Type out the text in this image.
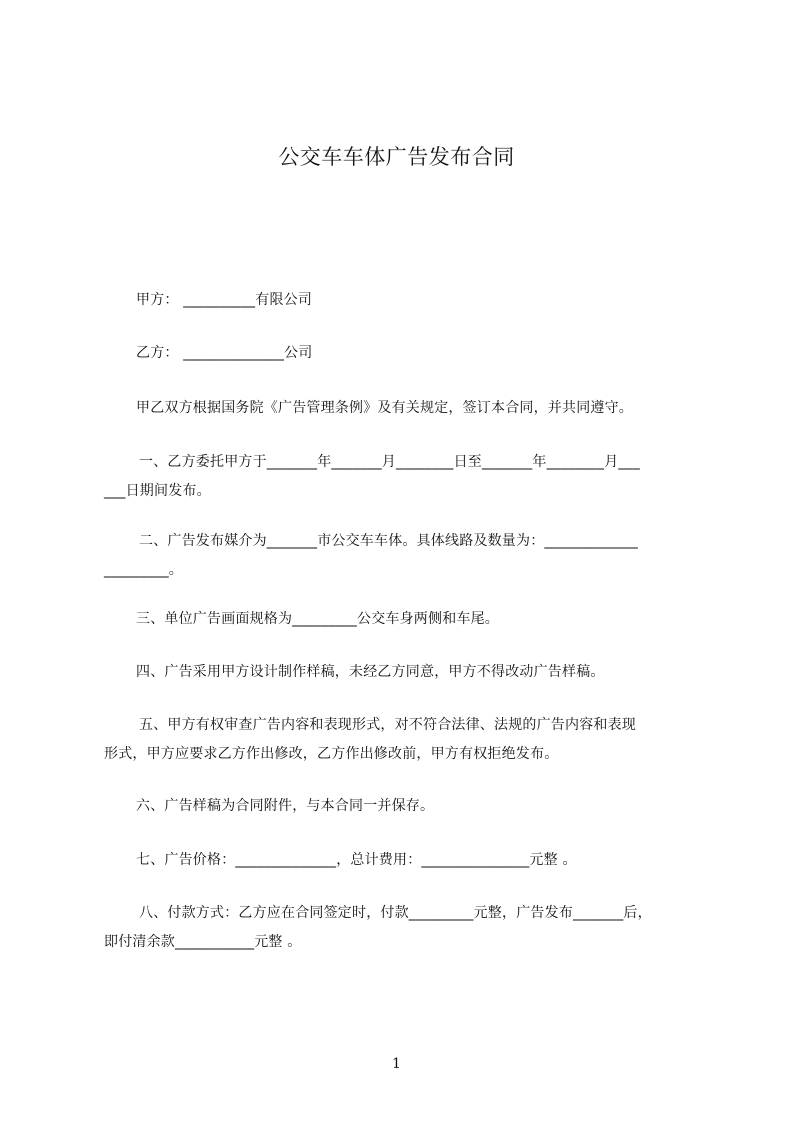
公交车车体广告发布合同
甲方： __________有限公司
乙方： ______________公司
甲乙双方根据国务院《广告管理条例》及有关规定，签订本合同，并共同遵守。
一、乙方委托甲方于_______年_______月________日至_______年________月___
___日期间发布。
二、广告发布媒介为_______市公交车车体。具体线路及数量为：_____________
_________。
三、单位广告画面规格为_________公交车身两侧和车尾。
四、广告采用甲方设计制作样稿，未经乙方同意，甲方不得改动广告样稿。
五、甲方有权审查广告内容和表现形式，对不符合法律、法规的广告内容和表现
形式，甲方应要求乙方作出修改，乙方作出修改前，甲方有权拒绝发布。
六、广告样稿为合同附件，与本合同一并保存。
七、广告价格：______________，总计费用：_______________元整 。
八、付款方式：乙方应在合同签定时，付款_________元整，广告发布_______后，
即付清余款___________元整 。
1
